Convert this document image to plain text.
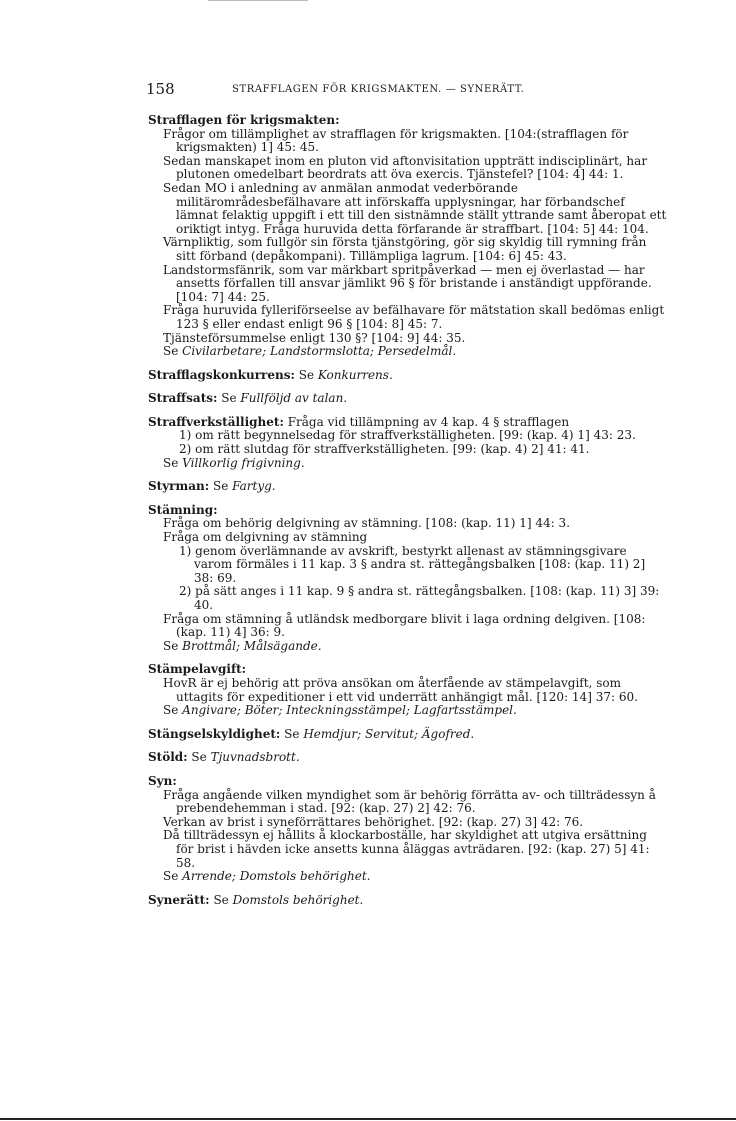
158	STRAFFLAGEN FÖR KRIGSMAKTEN. — SYNERÄTT.
Strafflagen för krigsmakten:
Frågor om tillämplighet av strafflagen för krigsmakten. [104:(strafflagen för krigsmakten) 1] 45: 45.
Sedan manskapet inom en pluton vid aftonvisitation uppträtt indisciplinärt, har plutonen omedelbart beordrats att öva exercis. Tjänstefel? [104: 4] 44: 1.
Sedan MO i anledning av anmälan anmodat vederbörande militärområdesbefälhavare att införskaffa upplysningar, har förbandschef lämnat felaktig uppgift i ett till den sistnämnde ställt yttrande samt åberopat ett oriktigt intyg. Fråga huruvida detta förfarande är straffbart. [104: 5] 44: 104.
Värnpliktig, som fullgör sin första tjänstgöring, gör sig skyldig till rymning från sitt förband (depåkompani). Tillämpliga lagrum. [104: 6] 45: 43.
Landstormsfänrik, som var märkbart spritpåverkad — men ej överlastad — har ansetts förfallen till ansvar jämlikt 96 § för bristande i anständigt uppförande. [104: 7] 44: 25.
Fråga huruvida fylleriförseelse av befälhavare för mätstation skall bedömas enligt 123 § eller endast enligt 96 § [104: 8] 45: 7.
Tjänsteförsummelse enligt 130 §? [104: 9] 44: 35.
Se Civilarbetare; Landstormslotta; Persedelmål.
Strafflagskonkurrens: Se Konkurrens.
Straffsats: Se Fullföljd av talan.
Straffverkställighet: Fråga vid tillämpning av 4 kap. 4 § strafflagen
1) om rätt begynnelsedag för straffverkställigheten. [99: (kap. 4) 1] 43: 23.
2) om rätt slutdag för straffverkställigheten. [99: (kap. 4) 2] 41: 41.
Se Villkorlig frigivning.
Styrman: Se Fartyg.
Stämning:
Fråga om behörig delgivning av stämning. [108: (kap. 11) 1] 44: 3.
Fråga om delgivning av stämning
1) genom överlämnande av avskrift, bestyrkt allenast av stämningsgivare varom förmäles i 11 kap. 3 § andra st. rättegångsbalken [108: (kap. 11) 2] 38: 69.
2) på sätt anges i 11 kap. 9 § andra st. rättegångsbalken. [108: (kap. 11) 3] 39: 40.
Fråga om stämning å utländsk medborgare blivit i laga ordning delgiven. [108: (kap. 11) 4] 36: 9.
Se Brottmål; Målsägande.
Stämpelavgift:
HovR är ej behörig att pröva ansökan om återfående av stämpelavgift, som uttagits för expeditioner i ett vid underrätt anhängigt mål. [120: 14] 37: 60.
Se Angivare; Böter; Inteckningsstämpel; Lagfartsstämpel.
Stängselskyldighet: Se Hemdjur; Servitut; Ägofred.
Stöld: Se Tjuvnadsbrott.
Syn:
Fråga angående vilken myndighet som är behörig förrätta av- och tillträdessyn å prebendehemman i stad. [92: (kap. 27) 2] 42: 76.
Verkan av brist i syneförrättares behörighet. [92: (kap. 27) 3] 42: 76.
Då tillträdessyn ej hållits å klockarboställe, har skyldighet att utgiva ersättning för brist i hävden icke ansetts kunna åläggas avträdaren. [92: (kap. 27) 5] 41: 58.
Se Arrende; Domstols behörighet.
Synerätt: Se Domstols behörighet.
